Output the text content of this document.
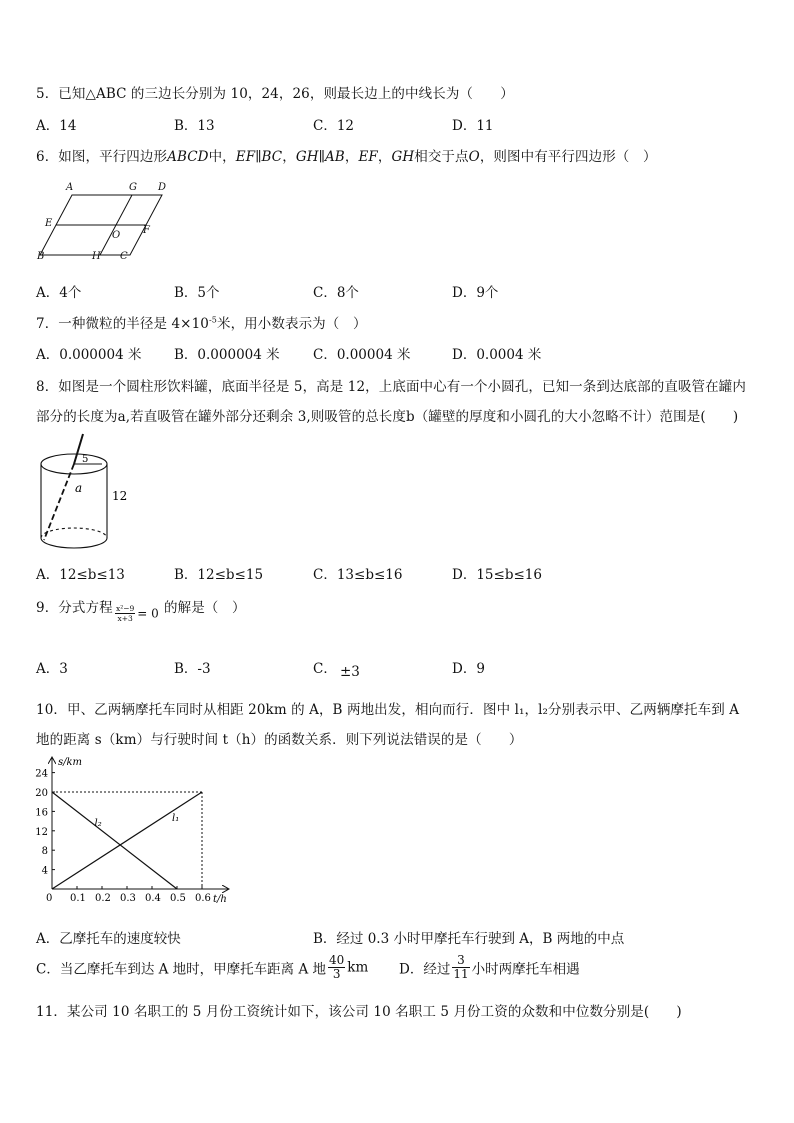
5．已知△ABC 的三边长分别为 10，24，26，则最长边上的中线长为（　　）
A．14	B．13	C．12	D．11
6．如图，平行四边形ABCD中，EF∥BC，GH∥AB，EF，GH相交于点O，则图中有平行四边形（　）
A	G D
E
O F
B	H C
A．4个	B．5个	C．8个	D．9个
7．一种微粒的半径是 $4\times 10^{-5}$米，用小数表示为（　）
A．0.000004 米 B．0.000004 米 C．0.00004 米	D．0.0004 米
8．如图是一个圆柱形饮料罐，底面半径是 5，高是 12，上底面中心有一个小圆孔，已知一条到达底部的直吸管在罐内
部分的长度为a,若直吸管在罐外部分还剩余 3,则吸管的总长度b（罐壁的厚度和小圆孔的大小忽略不计）范围是(　　)
5
12
a
A．12≤b≤13	B．12≤b≤15	C．13≤b≤16	D．15≤b≤16
9．分式方程 $\frac{\text{x²−9}}{x+3} = 0$ 的解是（　）
A．3	B．-3	C． ±3	D．9
10．甲、乙两辆摩托车同时从相距 20km 的 A，B 两地出发，相向而行．图中 l₁，l₂分别表示甲、乙两辆摩托车到 A
地的距离 s（km）与行驶时间 t（h）的函数关系．则下列说法错误的是（　　）
s/km
t/h
0 0.1 0.2 0.3 0.4 0.5 0.6
4
8
12
16
20
24
l₁
l₂
A．乙摩托车的速度较快	B．经过 0.3 小时甲摩托车行驶到 A，B 两地的中点
C．当乙摩托车到达 A 地时，甲摩托车距离 A 地 $\frac{40}{3}$ km D．经过 $\frac{3}{11}$ 小时两摩托车相遇
11．某公司 10 名职工的 5 月份工资统计如下，该公司 10 名职工 5 月份工资的众数和中位数分别是(　　)
